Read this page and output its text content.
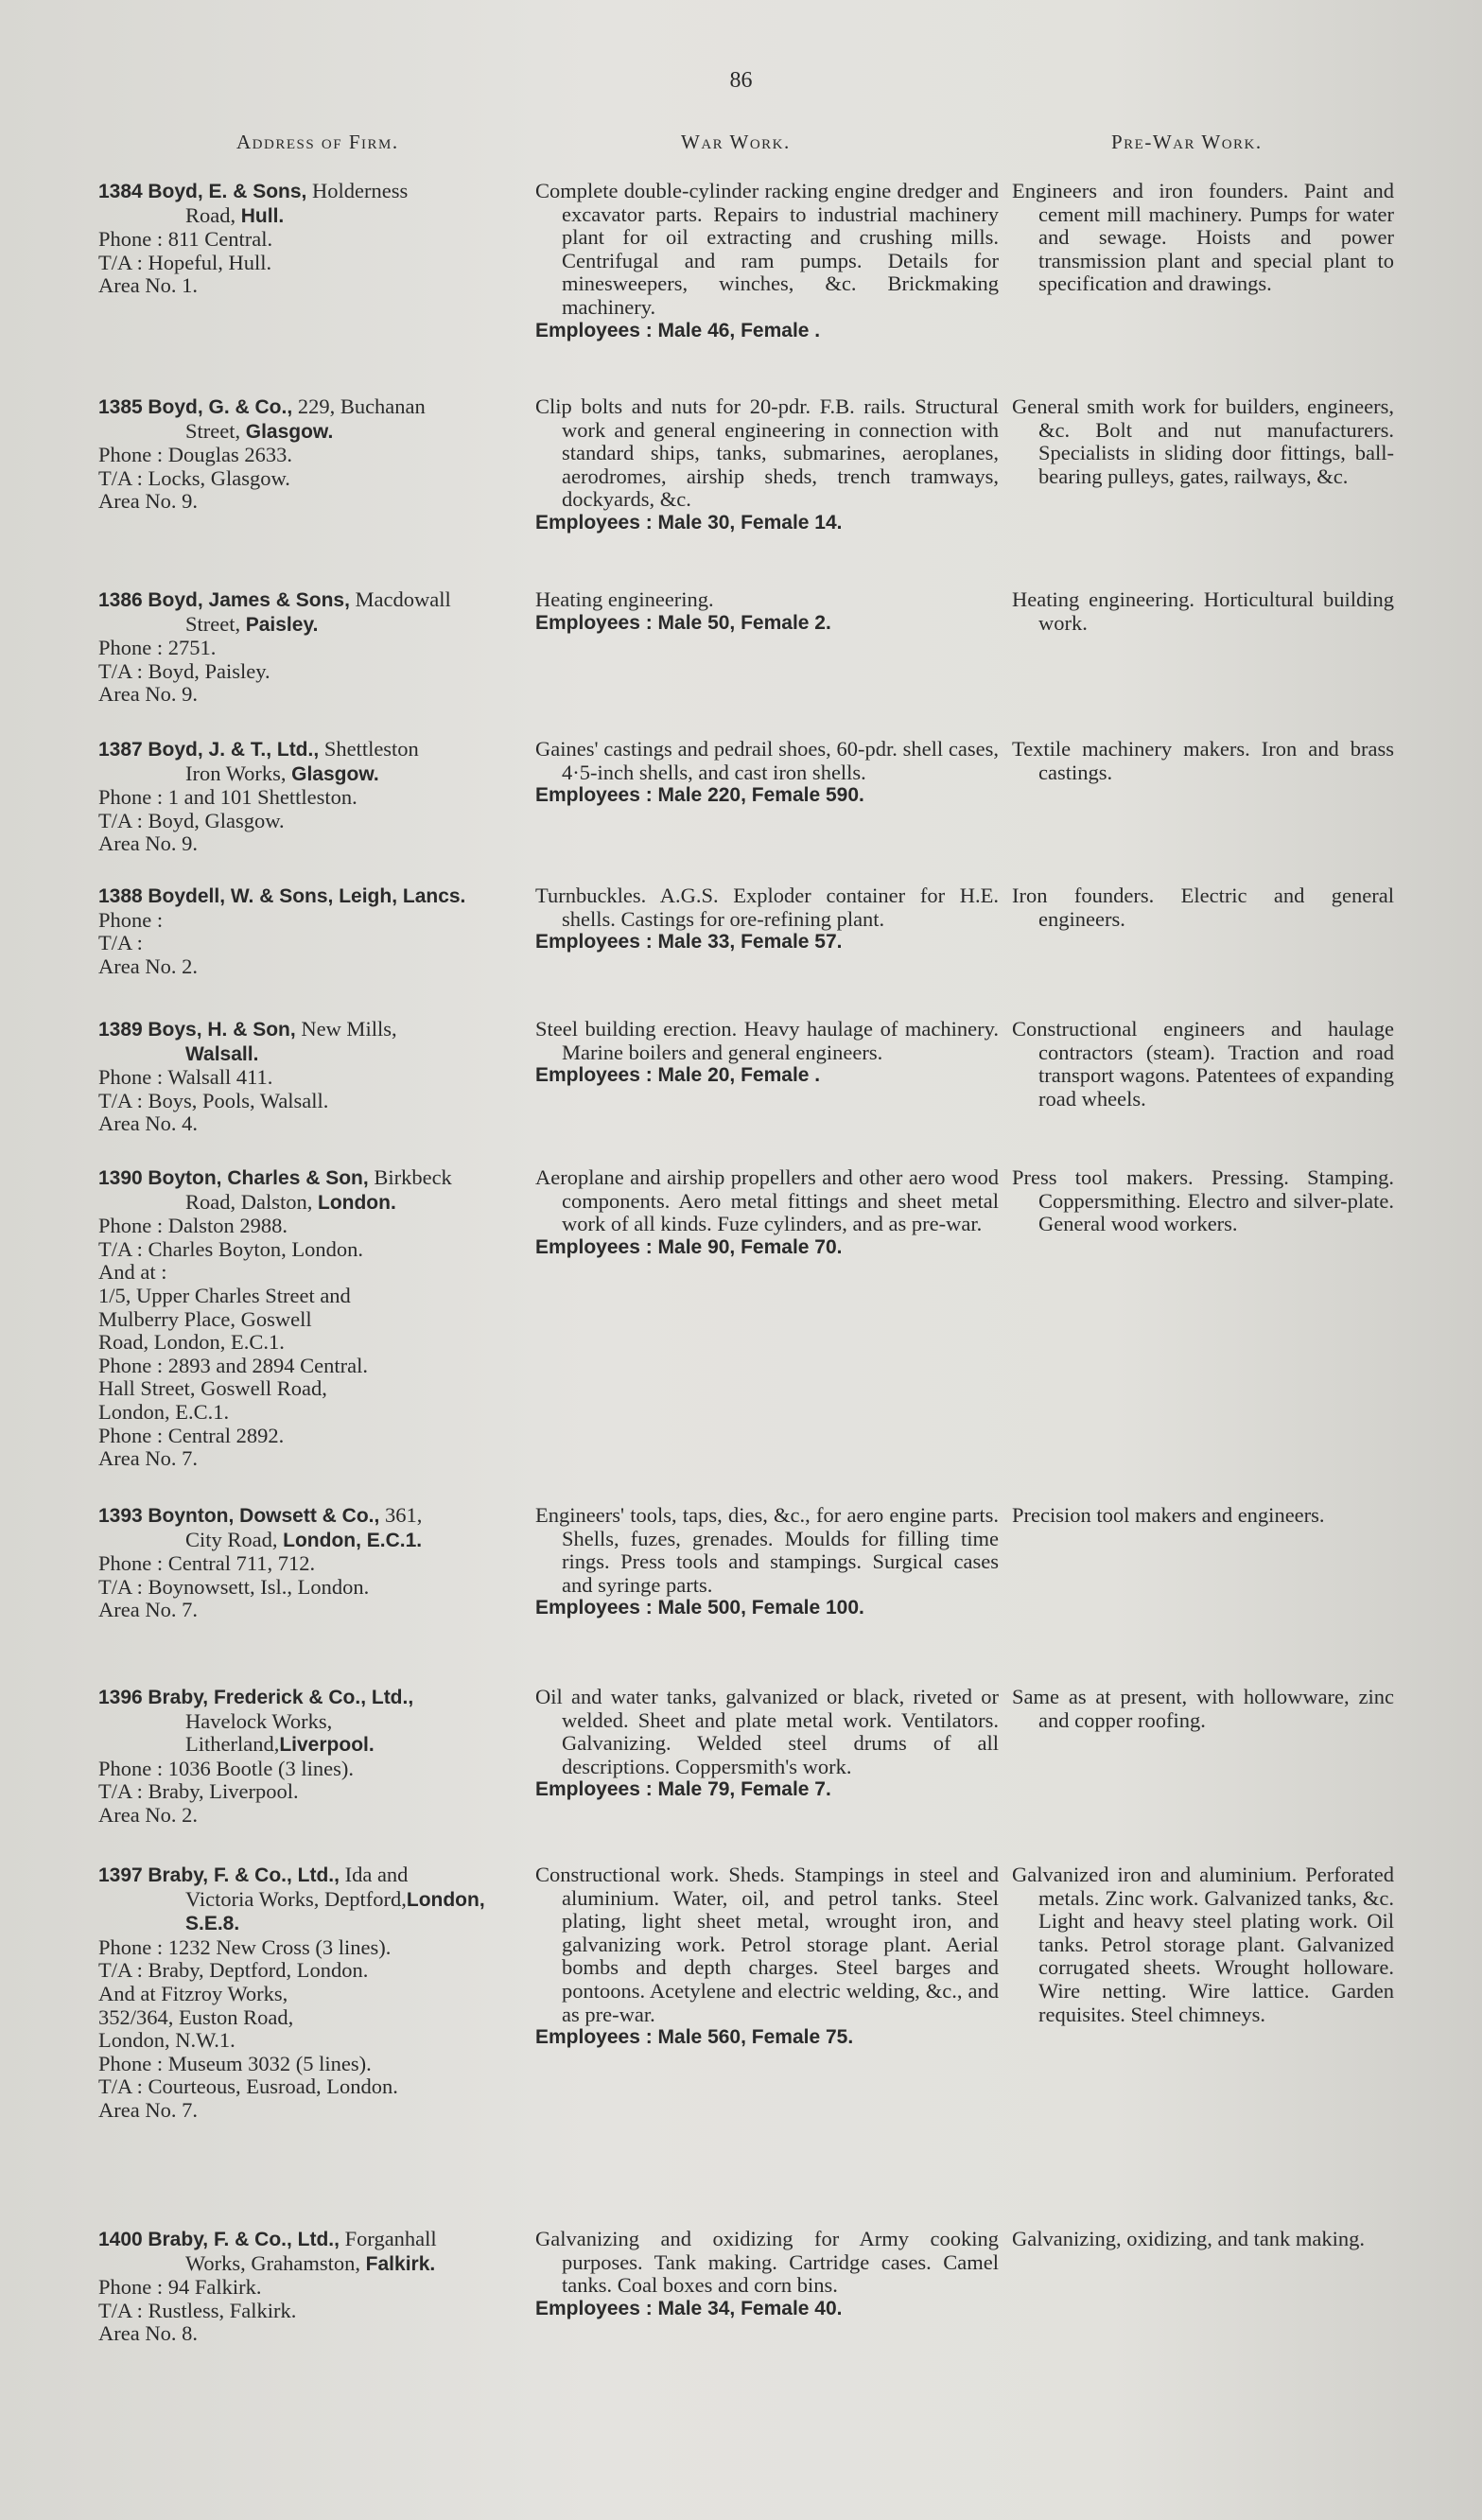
86
Address of Firm.	War Work.	Pre-War Work.
1384 Boyd, E. & Sons, Holderness
Road, Hull.
Phone : 811 Central.
T/A : Hopeful, Hull.
Area No. 1.
Complete double-cylinder racking engine dredger and excavator parts. Repairs to industrial machinery plant for oil extracting and crushing mills. Centrifugal and ram pumps. Details for minesweepers, winches, &c. Brickmaking machinery.
Employees : Male 46, Female .
Engineers and iron founders. Paint and cement mill machinery. Pumps for water and sewage. Hoists and power transmission plant and special plant to specification and drawings.
1385 Boyd, G. & Co., 229, Buchanan
Street, Glasgow.
Phone : Douglas 2633.
T/A : Locks, Glasgow.
Area No. 9.
Clip bolts and nuts for 20-pdr. F.B. rails. Structural work and general engineering in connection with standard ships, tanks, submarines, aeroplanes, aerodromes, airship sheds, trench tramways, dockyards, &c.
Employees : Male 30, Female 14.
General smith work for builders, engineers, &c. Bolt and nut manufacturers. Specialists in sliding door fittings, ball-bearing pulleys, gates, railways, &c.
1386 Boyd, James & Sons, Macdowall
Street, Paisley.
Phone : 2751.
T/A : Boyd, Paisley.
Area No. 9.
Heating engineering.
Employees : Male 50, Female 2.
Heating engineering. Horticultural building work.
1387 Boyd, J. & T., Ltd., Shettleston
Iron Works, Glasgow.
Phone : 1 and 101 Shettleston.
T/A : Boyd, Glasgow.
Area No. 9.
Gaines' castings and pedrail shoes, 60-pdr. shell cases, 4·5-inch shells, and cast iron shells.
Employees : Male 220, Female 590.
Textile machinery makers. Iron and brass castings.
1388 Boydell, W. & Sons, Leigh, Lancs.
Phone :
T/A :
Area No. 2.
Turnbuckles. A.G.S. Exploder container for H.E. shells. Castings for ore-refining plant.
Employees : Male 33, Female 57.
Iron founders. Electric and general engineers.
1389 Boys, H. & Son, New Mills,
Walsall.
Phone : Walsall 411.
T/A : Boys, Pools, Walsall.
Area No. 4.
Steel building erection. Heavy haulage of machinery. Marine boilers and general engineers.
Employees : Male 20, Female .
Constructional engineers and haulage contractors (steam). Traction and road transport wagons. Patentees of expanding road wheels.
1390 Boyton, Charles & Son, Birkbeck
Road, Dalston, London.
Phone : Dalston 2988.
T/A : Charles Boyton, London.
And at :
1/5, Upper Charles Street and
Mulberry Place, Goswell
Road, London, E.C.1.
Phone : 2893 and 2894 Central.
Hall Street, Goswell Road,
London, E.C.1.
Phone : Central 2892.
Area No. 7.
Aeroplane and airship propellers and other aero wood components. Aero metal fittings and sheet metal work of all kinds. Fuze cylinders, and as pre-war.
Employees : Male 90, Female 70.
Press tool makers. Pressing. Stamping. Coppersmithing. Electro and silver-plate. General wood workers.
1393 Boynton, Dowsett & Co., 361,
City Road, London, E.C.1.
Phone : Central 711, 712.
T/A : Boynowsett, Isl., London.
Area No. 7.
Engineers' tools, taps, dies, &c., for aero engine parts. Shells, fuzes, grenades. Moulds for filling time rings. Press tools and stampings. Surgical cases and syringe parts.
Employees : Male 500, Female 100.
Precision tool makers and engineers.
1396 Braby, Frederick & Co., Ltd.,
Havelock Works, Litherland,Liverpool.
Phone : 1036 Bootle (3 lines).
T/A : Braby, Liverpool.
Area No. 2.
Oil and water tanks, galvanized or black, riveted or welded. Sheet and plate metal work. Ventilators. Galvanizing. Welded steel drums of all descriptions. Coppersmith's work.
Employees : Male 79, Female 7.
Same as at present, with hollowware, zinc and copper roofing.
1397 Braby, F. & Co., Ltd., Ida and
Victoria Works, Deptford,London, S.E.8.
Phone : 1232 New Cross (3 lines).
T/A : Braby, Deptford, London.
And at Fitzroy Works,
352/364, Euston Road,
London, N.W.1.
Phone : Museum 3032 (5 lines).
T/A : Courteous, Eusroad, London.
Area No. 7.
Constructional work. Sheds. Stampings in steel and aluminium. Water, oil, and petrol tanks. Steel plating, light sheet metal, wrought iron, and galvanizing work. Petrol storage plant. Aerial bombs and depth charges. Steel barges and pontoons. Acetylene and electric welding, &c., and as pre-war.
Employees : Male 560, Female 75.
Galvanized iron and aluminium. Perforated metals. Zinc work. Galvanized tanks, &c. Light and heavy steel plating work. Oil tanks. Petrol storage plant. Galvanized corrugated sheets. Wrought holloware. Wire netting. Wire lattice. Garden requisites. Steel chimneys.
1400 Braby, F. & Co., Ltd., Forganhall
Works, Grahamston, Falkirk.
Phone : 94 Falkirk.
T/A : Rustless, Falkirk.
Area No. 8.
Galvanizing and oxidizing for Army cooking purposes. Tank making. Cartridge cases. Camel tanks. Coal boxes and corn bins.
Employees : Male 34, Female 40.
Galvanizing, oxidizing, and tank making.
